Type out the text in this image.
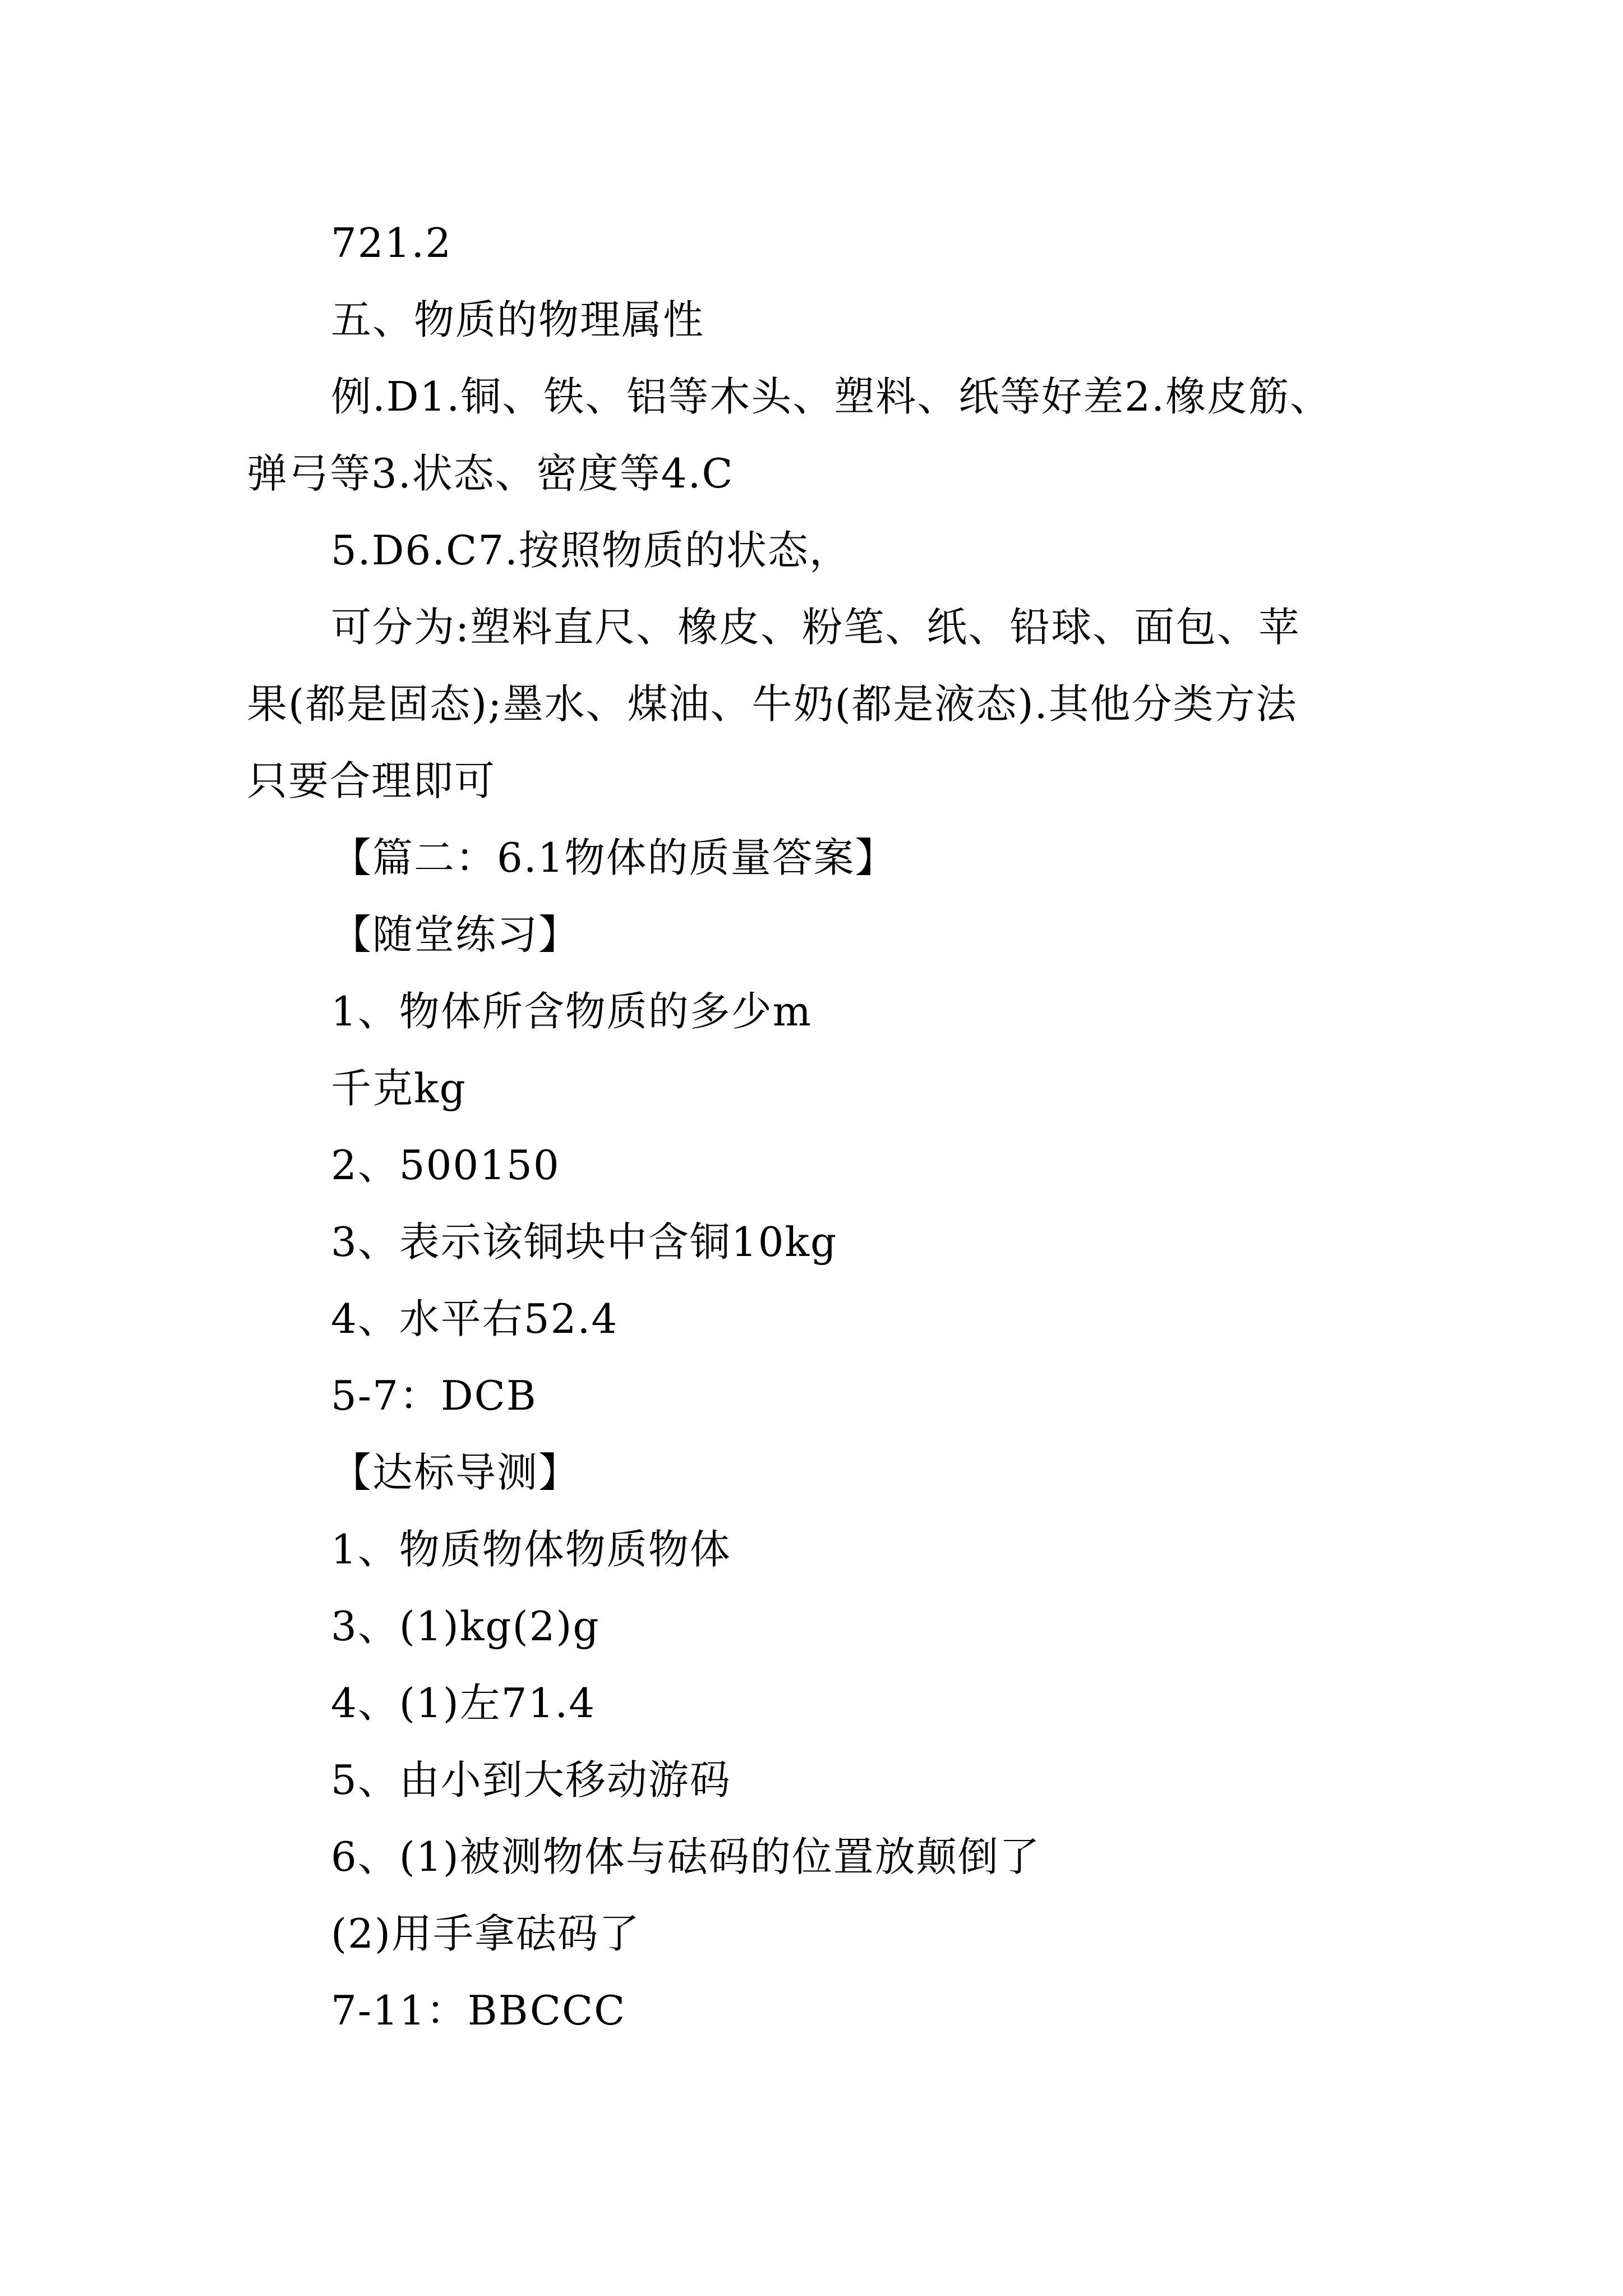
721.2
五、物质的物理属性
例.D1.铜、铁、铝等木头、塑料、纸等好差2.橡皮筋、
弹弓等3.状态、密度等4.C
5.D6.C7.按照物质的状态，
可分为:塑料直尺、橡皮、粉笔、纸、铅球、面包、苹
果(都是固态);墨水、煤油、牛奶(都是液态).其他分类方法
只要合理即可
【篇二：6.1物体的质量答案】
【随堂练习】
1、物体所含物质的多少m
千克kg
2、500150
3、表示该铜块中含铜10kg
4、水平右52.4
5-7：DCB
【达标导测】
1、物质物体物质物体
3、(1)kg(2)g
4、(1)左71.4
5、由小到大移动游码
6、(1)被测物体与砝码的位置放颠倒了
(2)用手拿砝码了
7-11：BBCCC
